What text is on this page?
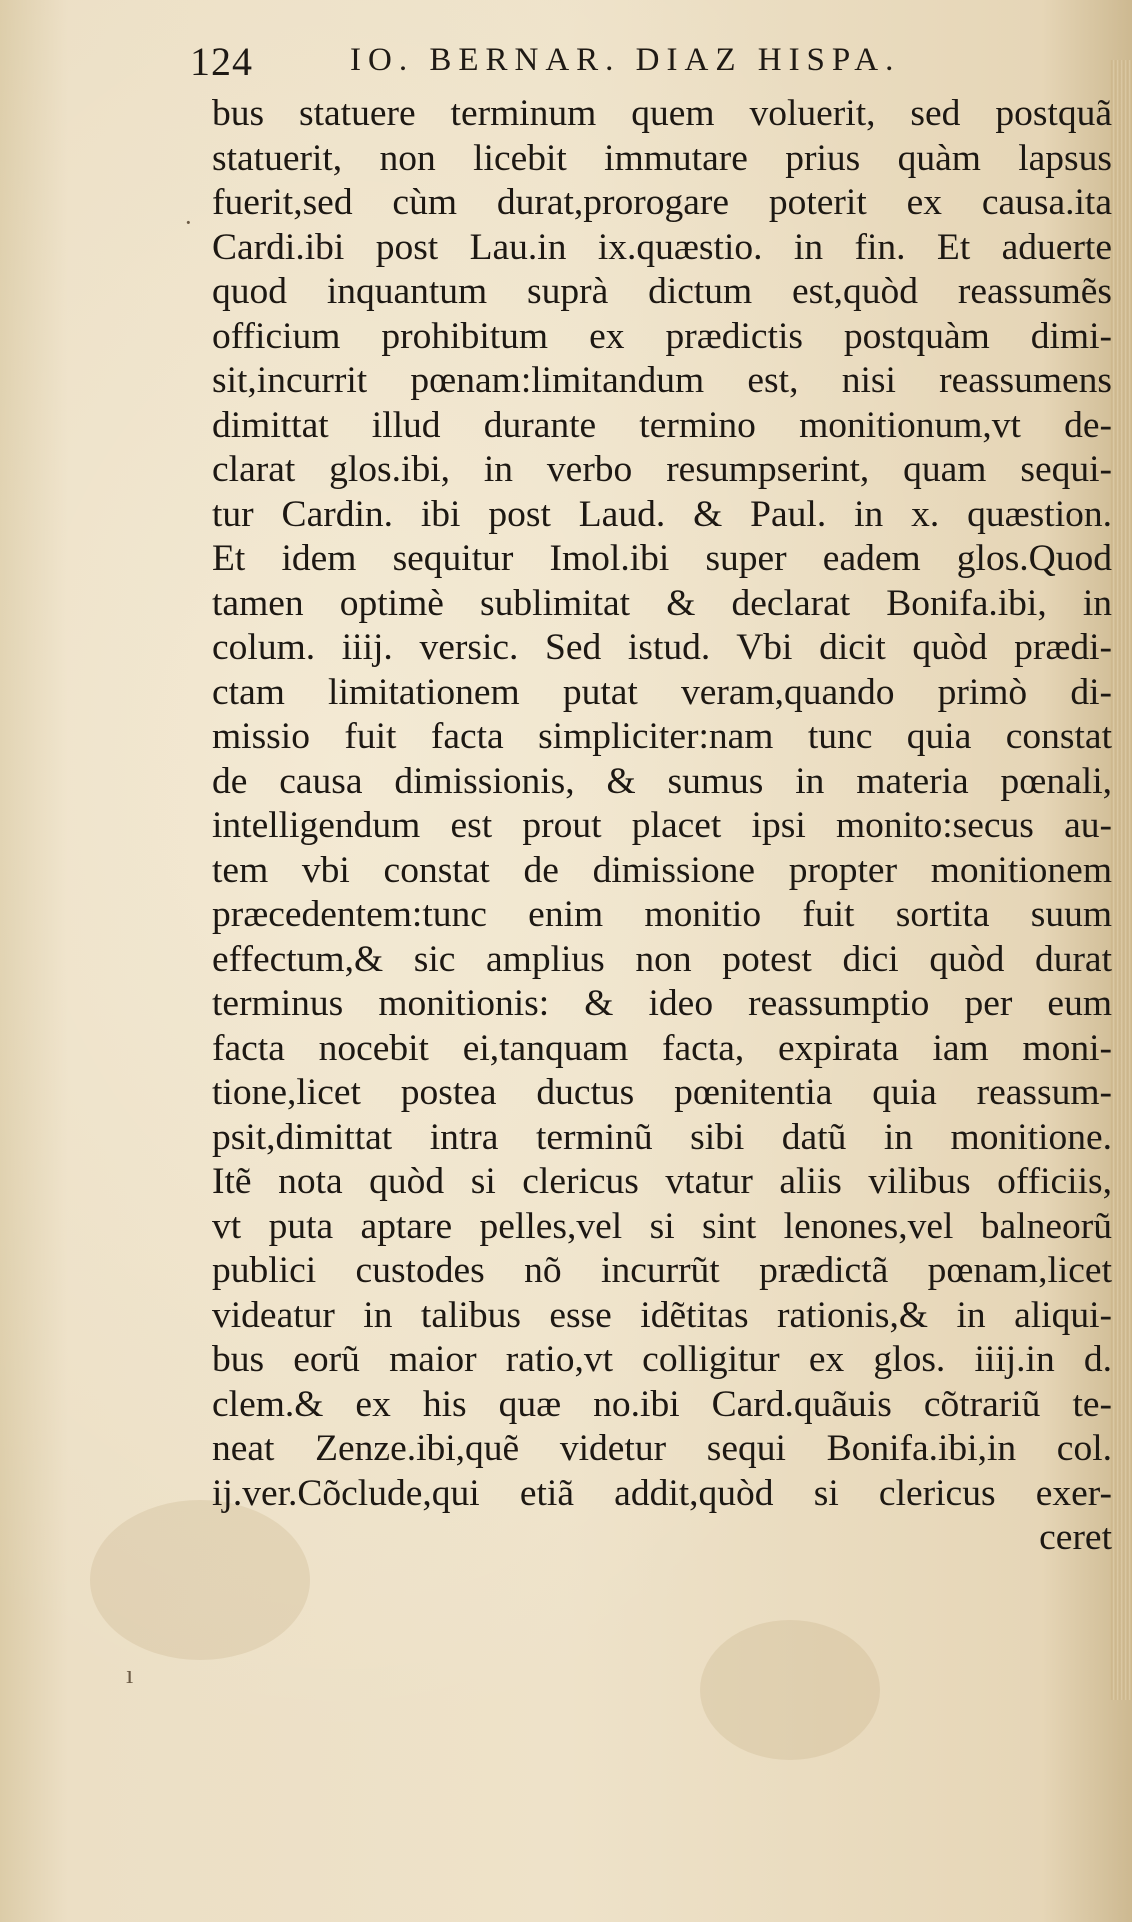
124	IO. BERNAR. DIAZ HISPA.
·
ı
bus statuere terminum quem voluerit, sed postquã
statuerit, non licebit immutare prius quàm lapsus
fuerit,sed cùm durat,prorogare poterit ex causa.ita
Cardi.ibi post Lau.in ix.quæstio. in fin. Et aduerte
quod inquantum suprà dictum est,quòd reassumẽs
officium prohibitum ex prædictis postquàm dimi-
sit,incurrit pœnam:limitandum est, nisi reassumens
dimittat illud durante termino monitionum,vt de-
clarat glos.ibi, in verbo resumpserint, quam sequi-
tur Cardin. ibi post Laud. & Paul. in x. quæstion.
Et idem sequitur Imol.ibi super eadem glos.Quod
tamen optimè sublimitat & declarat Bonifa.ibi, in
colum. iiij. versic. Sed istud. Vbi dicit quòd prædi-
ctam limitationem putat veram,quando primò di-
missio fuit facta simpliciter:nam tunc quia constat
de causa dimissionis, & sumus in materia pœnali,
intelligendum est prout placet ipsi monito:secus au-
tem vbi constat de dimissione propter monitionem
præcedentem:tunc enim monitio fuit sortita suum
effectum,& sic amplius non potest dici quòd durat
terminus monitionis: & ideo reassumptio per eum
facta nocebit ei,tanquam facta, expirata iam moni-
tione,licet postea ductus pœnitentia quia reassum-
psit,dimittat intra terminũ sibi datũ in monitione.
Itẽ nota quòd si clericus vtatur aliis vilibus officiis,
vt puta aptare pelles,vel si sint lenones,vel balneorũ
publici custodes nõ incurrũt prædictã pœnam,licet
videatur in talibus esse idẽtitas rationis,& in aliqui-
bus eorũ maior ratio,vt colligitur ex glos. iiij.in d.
clem.& ex his quæ no.ibi Card.quãuis cõtrariũ te-
neat Zenze.ibi,quẽ videtur sequi Bonifa.ibi,in col.
ij.ver.Cõclude,qui etiã addit,quòd si clericus exer-
ceret
